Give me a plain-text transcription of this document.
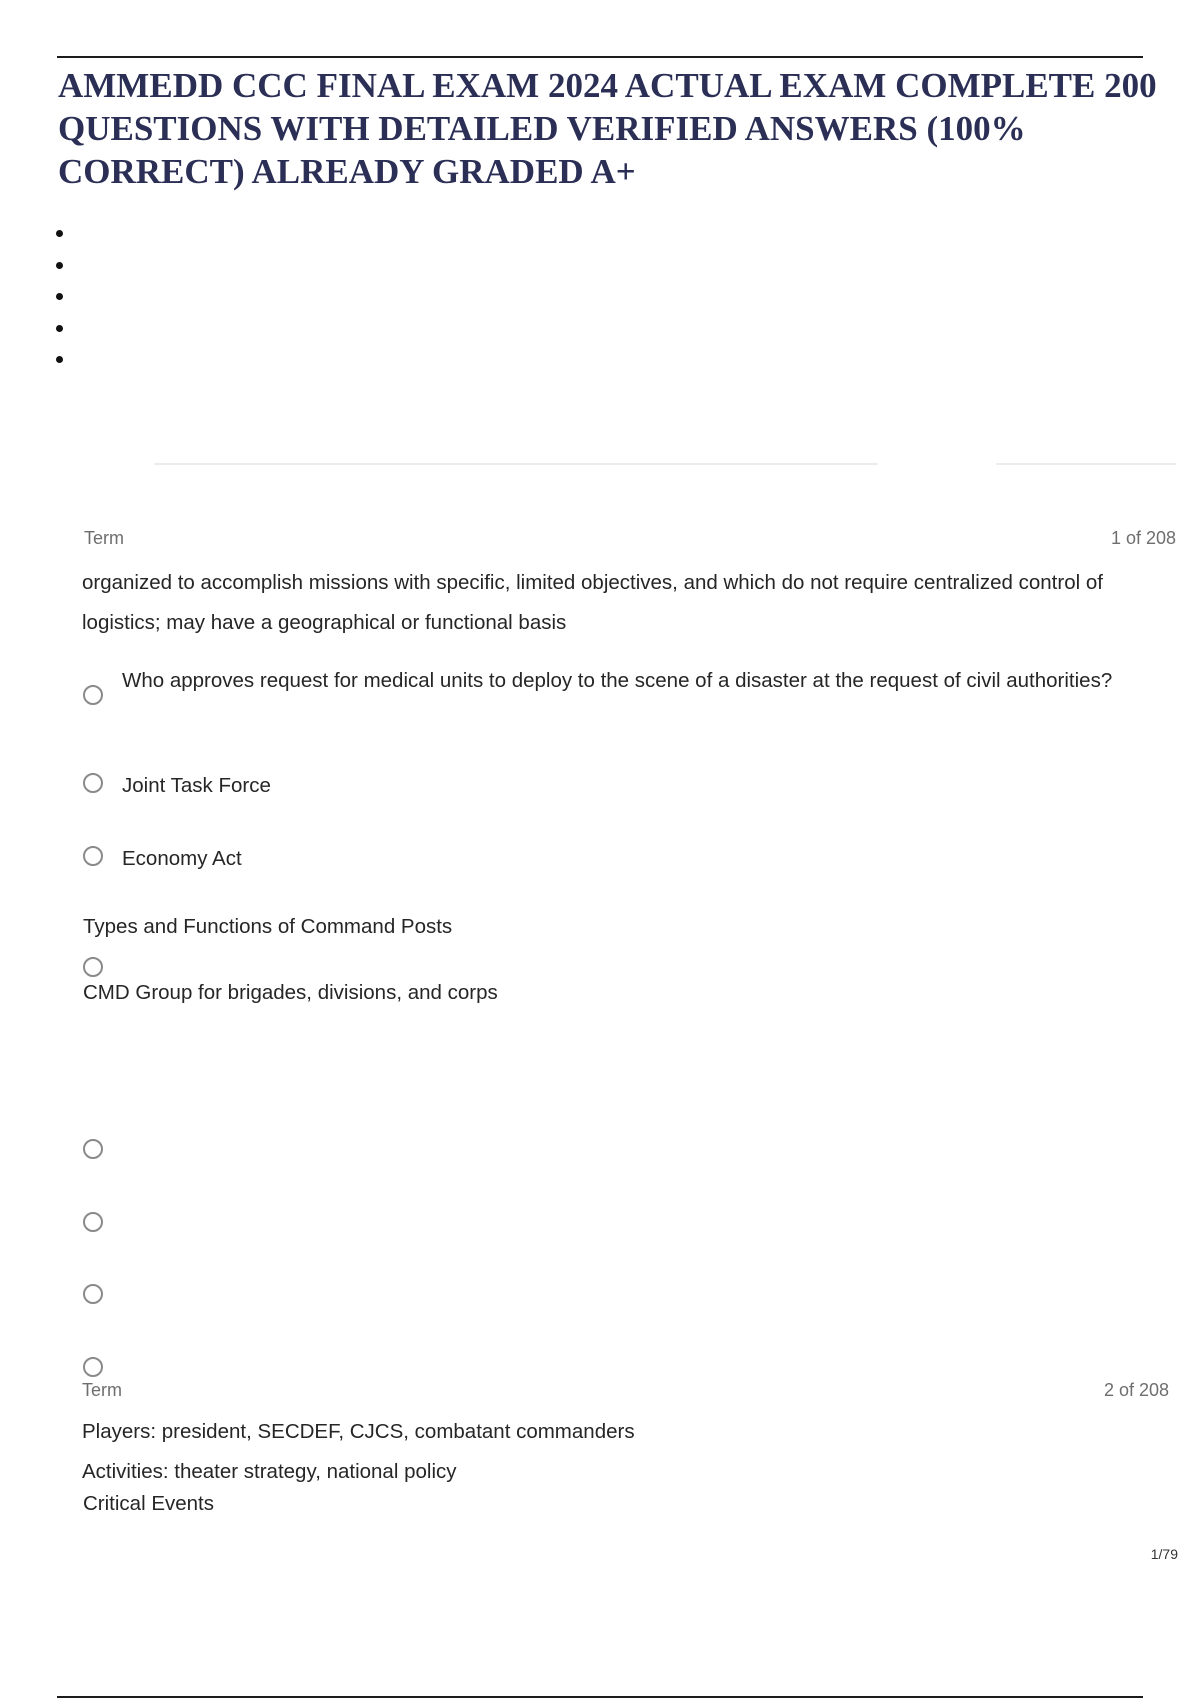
AMMEDD CCC FINAL EXAM 2024 ACTUAL EXAM COMPLETE 200 QUESTIONS WITH DETAILED VERIFIED ANSWERS (100% CORRECT) ALREADY GRADED A+
Term	1 of 208
organized to accomplish missions with specific, limited objectives, and which do not require centralized control of logistics; may have a geographical or functional basis
Who approves request for medical units to deploy to the scene of a disaster at the request of civil authorities?
Joint Task Force
Economy Act
Types and Functions of Command Posts
CMD Group for brigades, divisions, and corps
Term	2 of 208
Players: president, SECDEF, CJCS, combatant commanders
Activities: theater strategy, national policy
Critical Events
1/79
